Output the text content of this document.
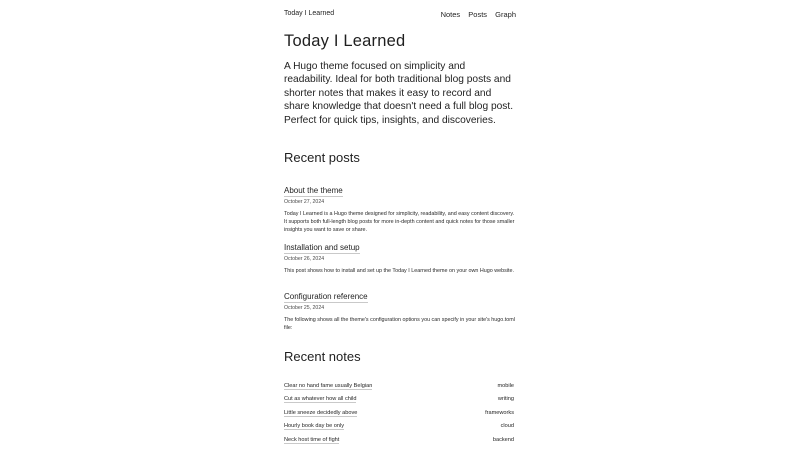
Today I Learned	Notes Posts Graph
Today I Learned

A Hugo theme focused on simplicity and readability. Ideal for both traditional blog posts and shorter notes that makes it easy to record and share knowledge that doesn't need a full blog post. Perfect for quick tips, insights, and discoveries.

Recent posts
About the theme
October 27, 2024
Today I Learned is a Hugo theme designed for simplicity, readability, and easy content discovery. It supports both full-length blog posts for more in-depth content and quick notes for those smaller insights you want to save or share.
Installation and setup
October 26, 2024
This post shows how to install and set up the Today I Learned theme on your own Hugo website.
Configuration reference
October 25, 2024
The following shows all the theme's configuration options you can specify in your site's hugo.toml file:
Recent notes
Clear no hand fame usually Belgian	mobile
Cut as whatever how all child	writing
Little sneeze decidedly above	frameworks
Hourly book day be only	cloud
Neck host time of fight	backend
